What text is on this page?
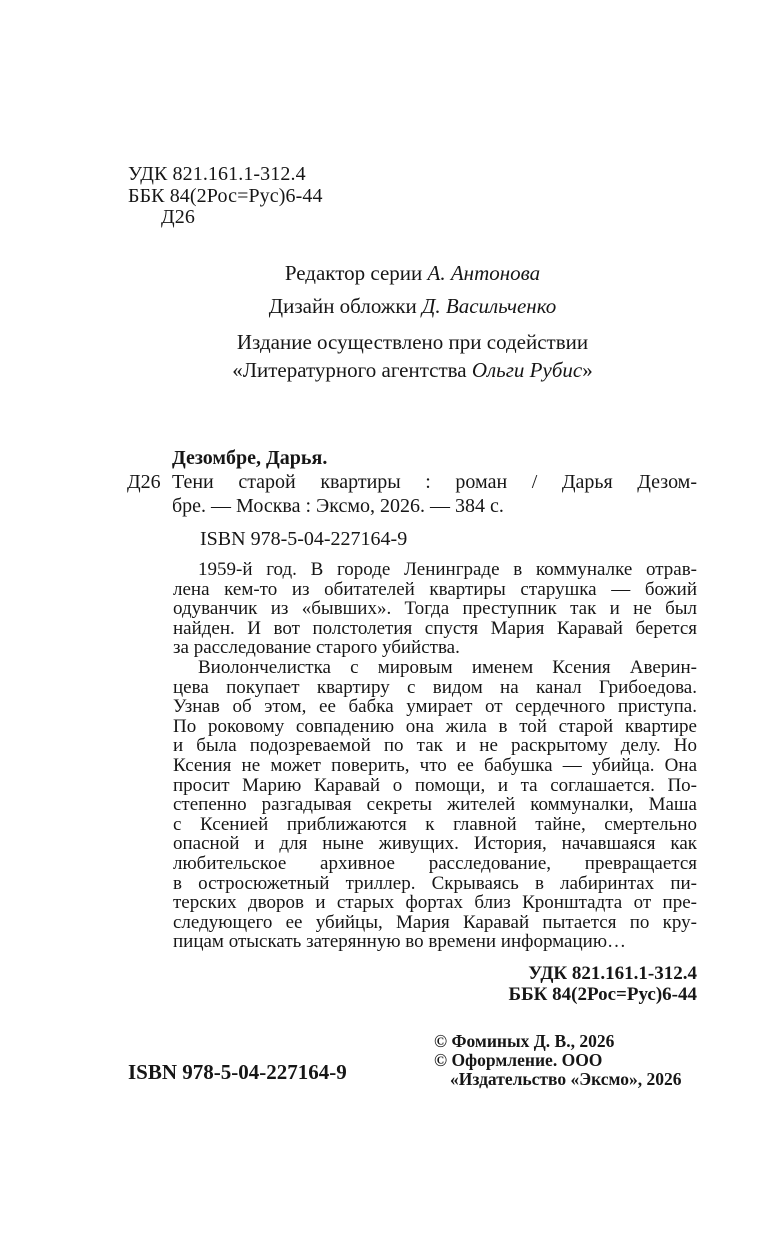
УДК 821.161.1-312.4
ББК 84(2Рос=Рус)6-44
Д26
Редактор серии А. Антонова
Дизайн обложки Д. Васильченко
Издание осуществлено при содействии
«Литературного агентства Ольги Рубис»
Дезомбре, Дарья.
Д26 Тени старой квартиры : роман / Дарья Дезом-
бре. — Москва : Эксмо, 2026. — 384 с.
ISBN 978-5-04-227164-9
1959-й год. В городе Ленинграде в коммуналке отрав-
лена кем-то из обитателей квартиры старушка — божий
одуванчик из «бывших». Тогда преступник так и не был
найден. И вот полстолетия спустя Мария Каравай берется
за расследование старого убийства.
Виолончелистка с мировым именем Ксения Аверин-
цева покупает квартиру с видом на канал Грибоедова.
Узнав об этом, ее бабка умирает от сердечного приступа.
По роковому совпадению она жила в той старой квартире
и была подозреваемой по так и не раскрытому делу. Но
Ксения не может поверить, что ее бабушка — убийца. Она
просит Марию Каравай о помощи, и та соглашается. По-
степенно разгадывая секреты жителей коммуналки, Маша
с Ксенией приближаются к главной тайне, смертельно
опасной и для ныне живущих. История, начавшаяся как
любительское архивное расследование, превращается
в остросюжетный триллер. Скрываясь в лабиринтах пи-
терских дворов и старых фортах близ Кронштадта от пре-
следующего ее убийцы, Мария Каравай пытается по кру-
пицам отыскать затерянную во времени информацию…
УДК 821.161.1-312.4
ББК 84(2Рос=Рус)6-44
© Фоминых Д. В., 2026
© Оформление. ООО
«Издательство «Эксмо», 2026
ISBN 978-5-04-227164-9
